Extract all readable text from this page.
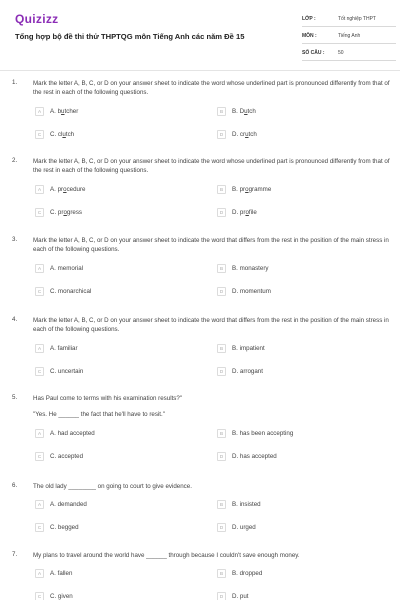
Quizizz
Tổng hợp bộ đề thi thử THPTQG môn Tiếng Anh các năm Đề 15
LỚP :	Tốt nghiệp THPT
MÔN :	Tiếng Anh
SỐ CÂU :	50
1.	Mark the letter A, B, C, or D on your answer sheet to indicate the word whose underlined part is pronounced differently from that of the rest in each of the following questions.
A	A. butcher	B	B. Dutch
C	C. clutch	D	D. crutch
2.	Mark the letter A, B, C, or D on your answer sheet to indicate the word whose underlined part is pronounced differently from that of the rest in each of the following questions.
A	A. procedure	B	B. programme
C	C. progress	D	D. profile
3.	Mark the letter A, B, C, or D on your answer sheet to indicate the word that differs from the rest in the position of the main stress in each of the following questions.
A	A. memorial	B	B. monastery
C	C. monarchical	D	D. momentum
4.	Mark the letter A, B, C, or D on your answer sheet to indicate the word that differs from the rest in the position of the main stress in each of the following questions.
A	A. familiar	B	B. impatient
C	C. uncertain	D	D. arrogant
5.	Has Paul come to terms with his examination results?"
"Yes. He ______ the fact that he'll have to resit."
A	A. had accepted	B	B. has been accepting
C	C. accepted	D	D. has accepted
6.	The old lady ________ on going to court to give evidence.
A	A. demanded	B	B. insisted
C	C. begged	D	D. urged
7.	My plans to travel around the world have ______ through because I couldn't save enough money.
A	A. fallen	B	B. dropped
C	C. given	D	D. put
